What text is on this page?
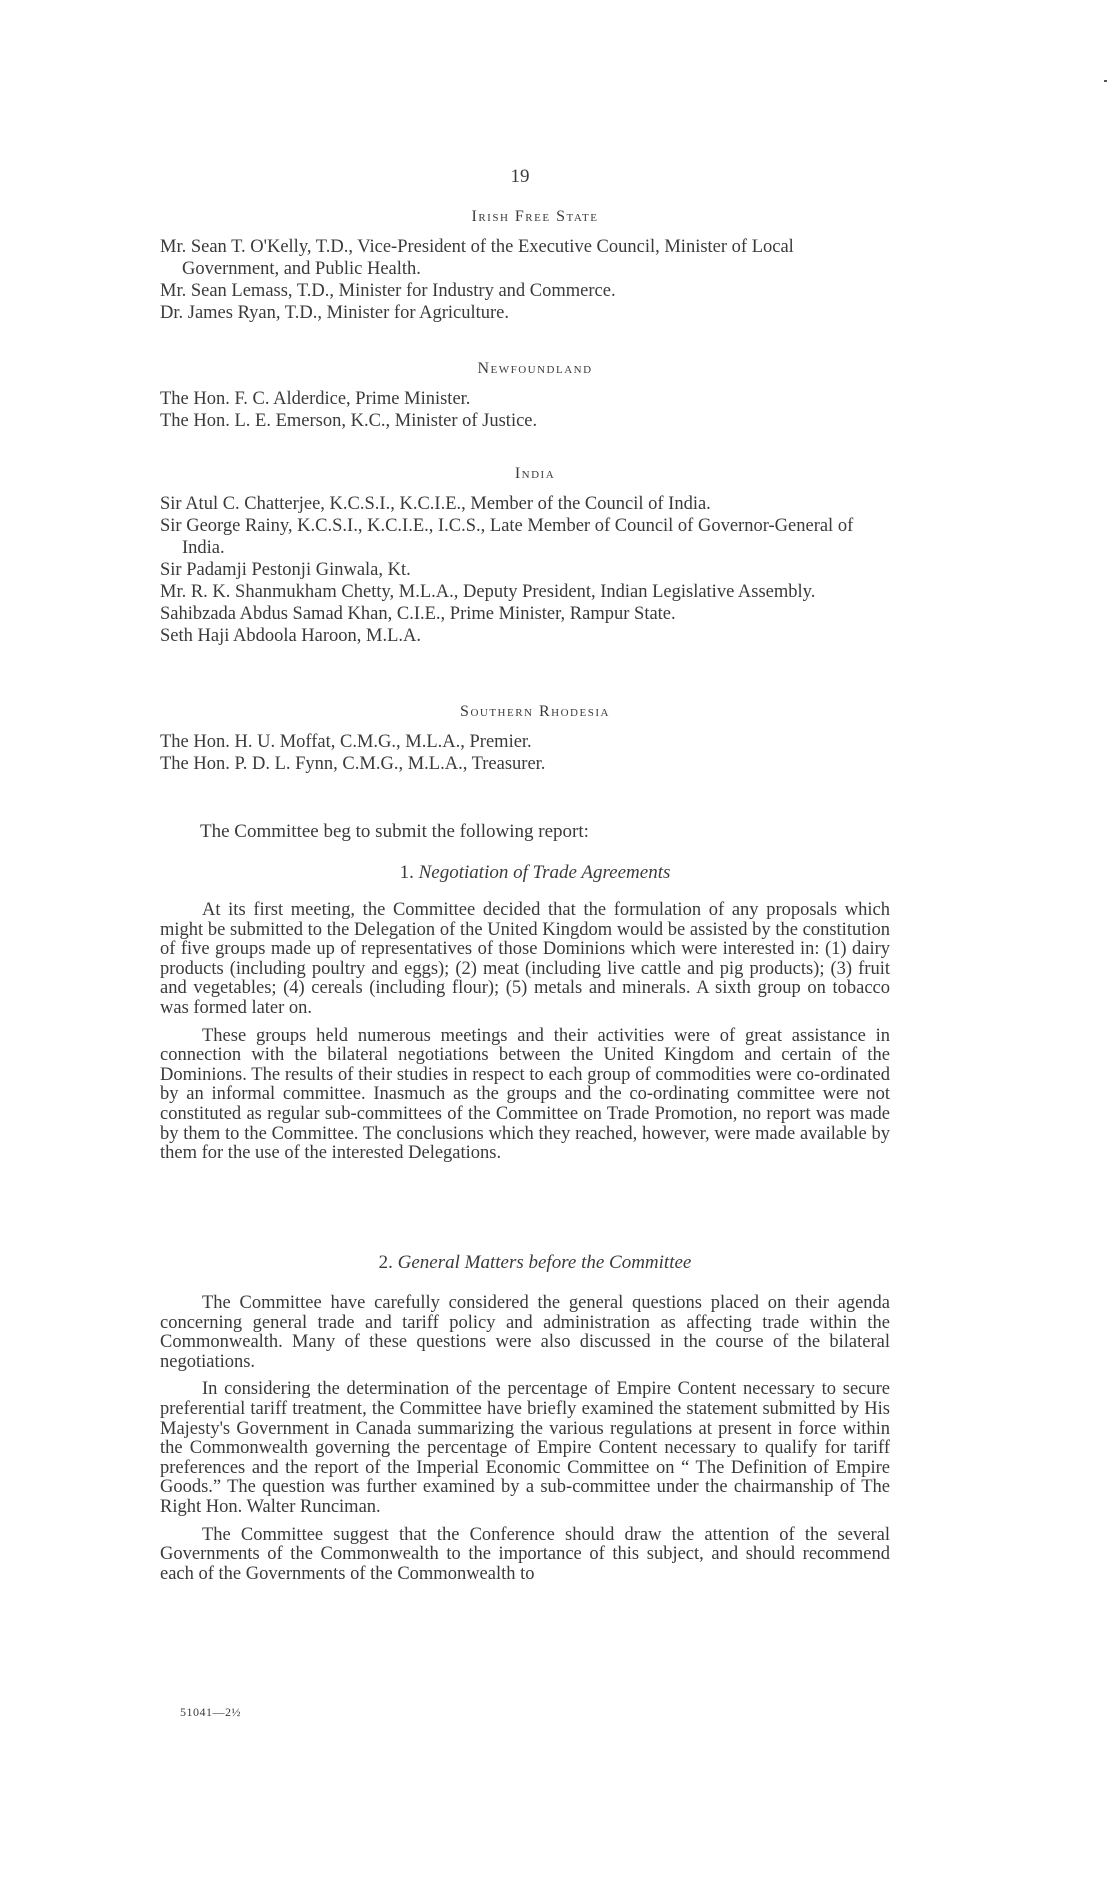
19
Irish Free State

Mr. Sean T. O'Kelly, T.D., Vice-President of the Executive Council, Minister of Local Government, and Public Health.

Mr. Sean Lemass, T.D., Minister for Industry and Commerce.

Dr. James Ryan, T.D., Minister for Agriculture.

Newfoundland

The Hon. F. C. Alderdice, Prime Minister.

The Hon. L. E. Emerson, K.C., Minister of Justice.

India

Sir Atul C. Chatterjee, K.C.S.I., K.C.I.E., Member of the Council of India.

Sir George Rainy, K.C.S.I., K.C.I.E., I.C.S., Late Member of Council of Governor-General of India.

Sir Padamji Pestonji Ginwala, Kt.

Mr. R. K. Shanmukham Chetty, M.L.A., Deputy President, Indian Legislative Assembly.

Sahibzada Abdus Samad Khan, C.I.E., Prime Minister, Rampur State.

Seth Haji Abdoola Haroon, M.L.A.

Southern Rhodesia

The Hon. H. U. Moffat, C.M.G., M.L.A., Premier.

The Hon. P. D. L. Fynn, C.M.G., M.L.A., Treasurer.

The Committee beg to submit the following report:

1. Negotiation of Trade Agreements

At its first meeting, the Committee decided that the formulation of any proposals which might be submitted to the Delegation of the United Kingdom would be assisted by the constitution of five groups made up of representatives of those Dominions which were interested in: (1) dairy products (including poultry and eggs); (2) meat (including live cattle and pig products); (3) fruit and vegetables; (4) cereals (including flour); (5) metals and minerals. A sixth group on tobacco was formed later on.

These groups held numerous meetings and their activities were of great assistance in connection with the bilateral negotiations between the United Kingdom and certain of the Dominions. The results of their studies in respect to each group of commodities were co-ordinated by an informal committee. Inasmuch as the groups and the co-ordinating committee were not constituted as regular sub-committees of the Committee on Trade Promotion, no report was made by them to the Committee. The conclusions which they reached, however, were made available by them for the use of the interested Delegations.

2. General Matters before the Committee

The Committee have carefully considered the general questions placed on their agenda concerning general trade and tariff policy and administration as affecting trade within the Commonwealth. Many of these questions were also discussed in the course of the bilateral negotiations.

In considering the determination of the percentage of Empire Content necessary to secure preferential tariff treatment, the Committee have briefly examined the statement submitted by His Majesty's Government in Canada summarizing the various regulations at present in force within the Commonwealth governing the percentage of Empire Content necessary to qualify for tariff preferences and the report of the Imperial Economic Committee on “ The Definition of Empire Goods.” The question was further examined by a sub-committee under the chairmanship of The Right Hon. Walter Runciman.

The Committee suggest that the Conference should draw the attention of the several Governments of the Commonwealth to the importance of this subject, and should recommend each of the Governments of the Commonwealth to

51041—2½
